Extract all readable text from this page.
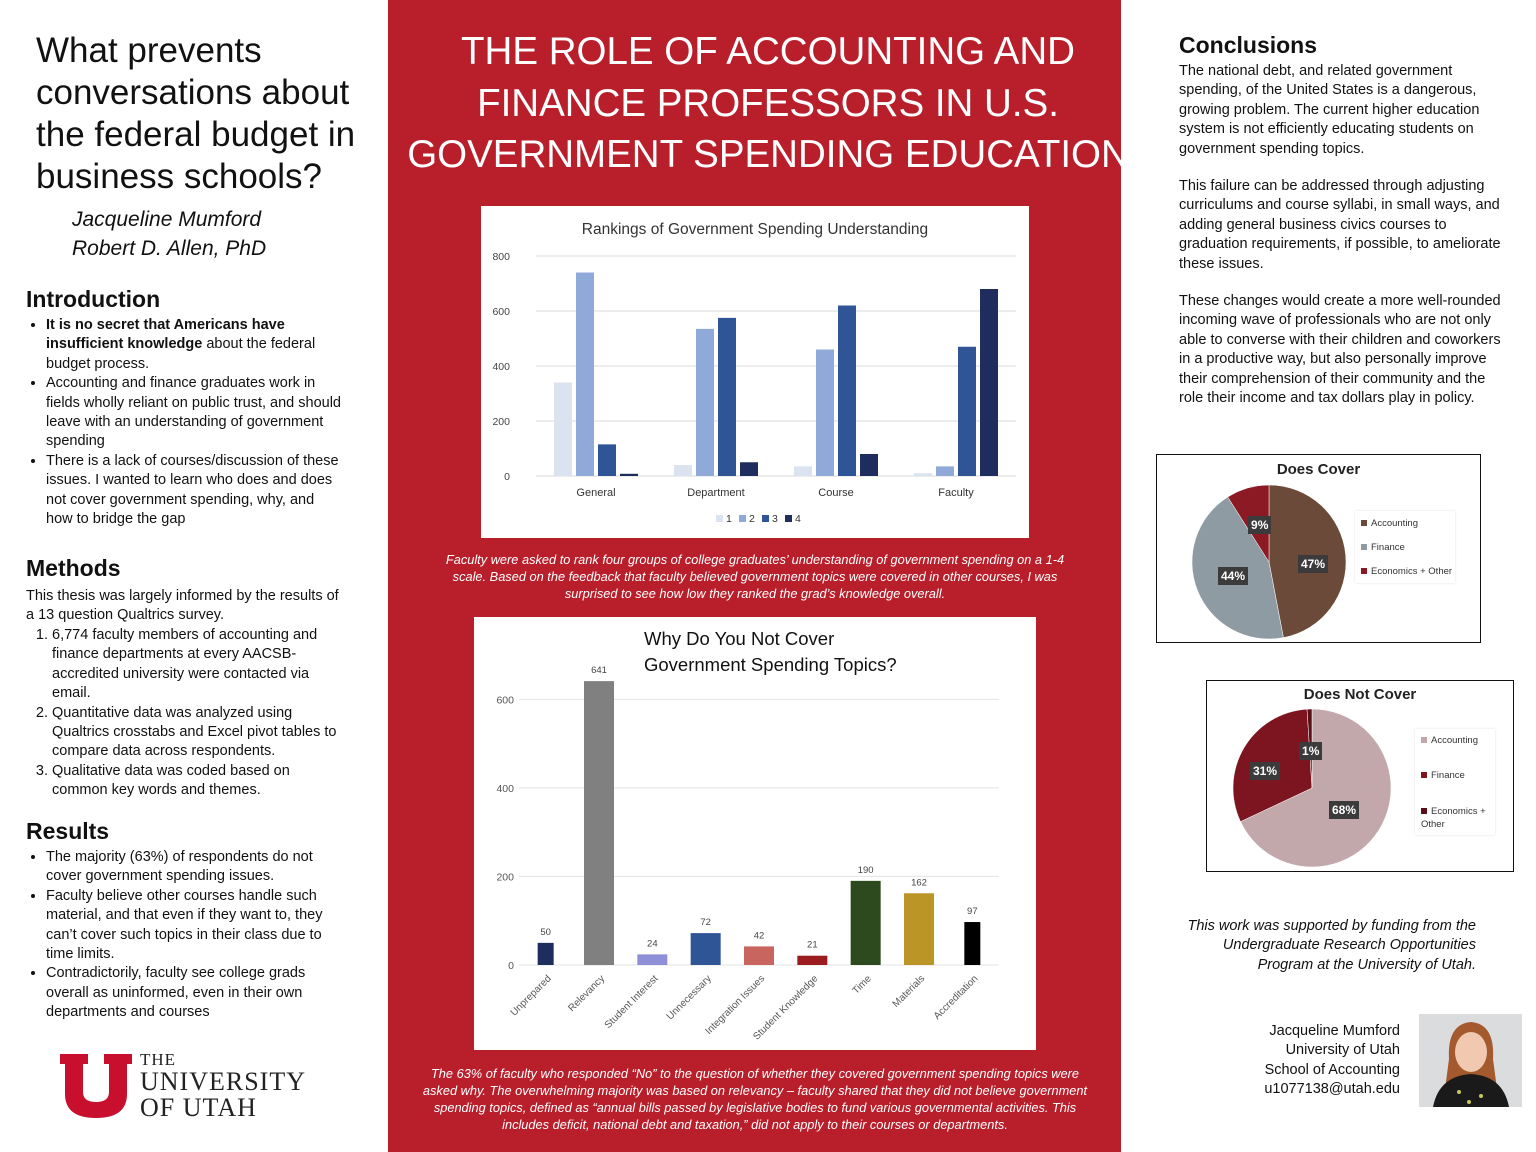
What prevents conversations about the federal budget in business schools?
Jacqueline Mumford
Robert D. Allen, PhD
Introduction
• It is no secret that Americans have insufficient knowledge about the federal budget process.
• Accounting and finance graduates work in fields wholly reliant on public trust, and should leave with an understanding of government spending
• There is a lack of courses/discussion of these issues. I wanted to learn who does and does not cover government spending, why, and how to bridge the gap
Methods
This thesis was largely informed by the results of a 13 question Qualtrics survey.
1. 6,774 faculty members of accounting and finance departments at every AACSB-accredited university were contacted via email.
2. Quantitative data was analyzed using Qualtrics crosstabs and Excel pivot tables to compare data across respondents.
3. Qualitative data was coded based on common key words and themes.
Results
• The majority (63%) of respondents do not cover government spending issues.
• Faculty believe other courses handle such material, and that even if they want to, they can’t cover such topics in their class due to time limits.
• Contradictorily, faculty see college grads overall as uninformed, even in their own departments and courses
THE
UNIVERSITY
OF UTAH
THE ROLE OF ACCOUNTING AND FINANCE PROFESSORS IN U.S. GOVERNMENT SPENDING EDUCATION
Rankings of Government Spending Understanding
0
200
400
600
800
General	Department	Course	Faculty
1 2 3 4
Faculty were asked to rank four groups of college graduates’ understanding of government spending on a 1-4 scale. Based on the feedback that faculty believed government topics were covered in other courses, I was surprised to see how low they ranked the grad’s knowledge overall.
Why Do You Not Cover
Government Spending Topics?
0
200
400
600
50
Unprepared
641
Relevancy
24
Student Interest
72
Unnecessary
42
Integration Issues
21
Student Knowledge
190
Time
162
Materials
97
Accreditation
The 63% of faculty who responded “No” to the question of whether they covered government spending topics were asked why. The overwhelming majority was based on relevancy – faculty shared that they did not believe government spending topics, defined as “annual bills passed by legislative bodies to fund various governmental activities. This includes deficit, national debt and taxation,” did not apply to their courses or departments.
Conclusions
The national debt, and related government spending, of the United States is a dangerous, growing problem. The current higher education system is not efficiently educating students on government spending topics.
This failure can be addressed through adjusting curriculums and course syllabi, in small ways, and adding general business civics courses to graduation requirements, if possible, to ameliorate these issues.
These changes would create a more well-rounded incoming wave of professionals who are not only able to converse with their children and coworkers in a productive way, but also personally improve their comprehension of their community and the role their income and tax dollars play in policy.
Does Cover
Accounting
Finance
Economics + Other
47%
44%
9%
Does Not Cover
Accounting
Finance
Economics + Other
68%
31%
1%
This work was supported by funding from the Undergraduate Research Opportunities Program at the University of Utah.
Jacqueline Mumford
University of Utah
School of Accounting
u1077138@utah.edu
